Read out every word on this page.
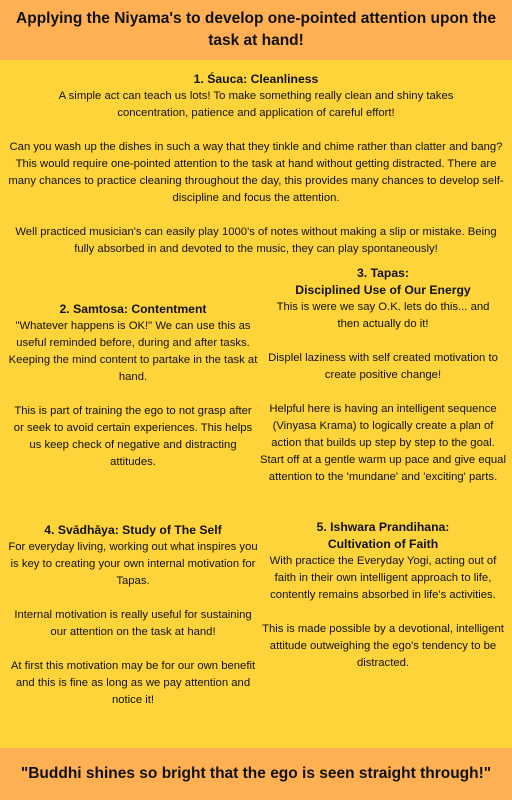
Applying the Niyama's to develop one-pointed attention upon the task at hand!
1. Śauca: Cleanliness

A simple act can teach us lots! To make something really clean and shiny takes concentration, patience and application of careful effort!

Can you wash up the dishes in such a way that they tinkle and chime rather than clatter and bang? This would require one-pointed attention to the task at hand without getting distracted. There are many chances to practice cleaning throughout the day, this provides many chances to develop self-discipline and focus the attention.

Well practiced musician's can easily play 1000's of notes without making a slip or mistake. Being fully absorbed in and devoted to the music, they can play spontaneously!

2. Samtosa: Contentment

"Whatever happens is OK!" We can use this as useful reminded before, during and after tasks. Keeping the mind content to partake in the task at hand.

This is part of training the ego to not grasp after or seek to avoid certain experiences. This helps us keep check of negative and distracting attitudes.

3. Tapas:
Disciplined Use of Our Energy

This is were we say O.K. lets do this... and then actually do it!

Displel laziness with self created motivation to create positive change!

Helpful here is having an intelligent sequence (Vinyasa Krama) to logically create a plan of action that builds up step by step to the goal. Start off at a gentle warm up pace and give equal attention to the 'mundane' and 'exciting' parts.

4. Svādhāya: Study of The Self

For everyday living, working out what inspires you is key to creating your own internal motivation for Tapas.

Internal motivation is really useful for sustaining our attention on the task at hand!

At first this motivation may be for our own benefit and this is fine as long as we pay attention and notice it!

5. Ishwara Prandihana:
Cultivation of Faith

With practice the Everyday Yogi, acting out of faith in their own intelligent approach to life, contently remains absorbed in life's activities.

This is made possible by a devotional, intelligent attitude outweighing the ego's tendency to be distracted.

"Buddhi shines so bright that the ego is seen straight through!"
